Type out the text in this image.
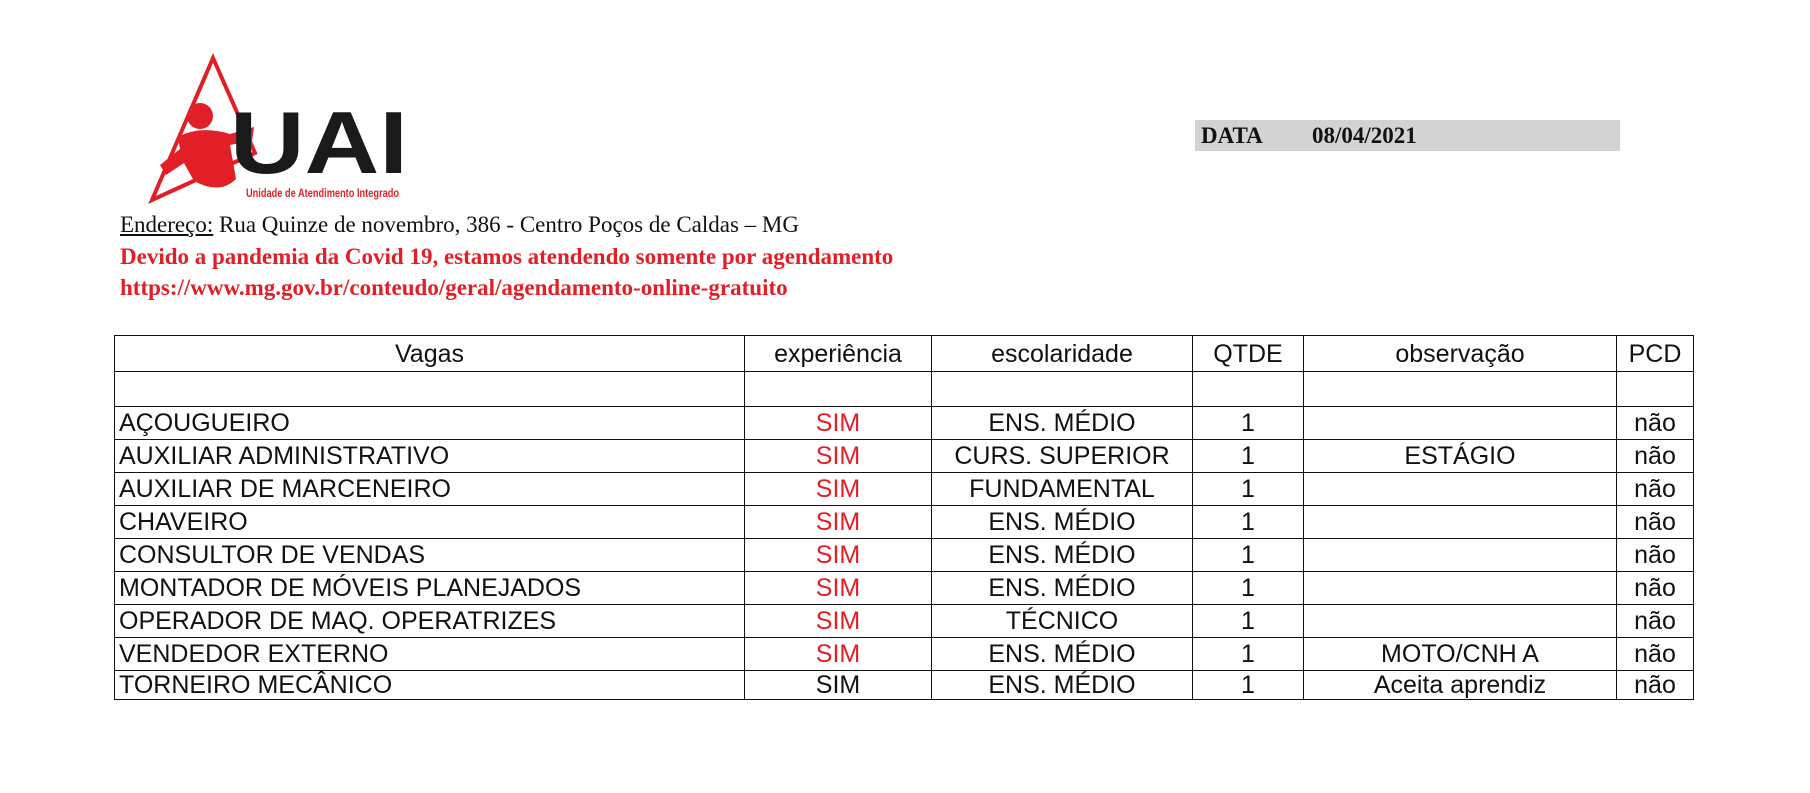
UAI
Unidade de Atendimento Integrado
DATA 08/04/2021
Endereço: Rua Quinze de novembro, 386 - Centro Poços de Caldas – MG
Devido a pandemia da Covid 19, estamos atendendo somente por agendamento
https://www.mg.gov.br/conteudo/geral/agendamento-online-gratuito
Vagas	experiência	escolaridade	QTDE	observação	PCD

AÇOUGUEIRO	SIM	ENS. MÉDIO	1		não
AUXILIAR ADMINISTRATIVO	SIM	CURS. SUPERIOR	1	ESTÁGIO	não
AUXILIAR DE MARCENEIRO	SIM	FUNDAMENTAL	1		não
CHAVEIRO	SIM	ENS. MÉDIO	1		não
CONSULTOR DE VENDAS	SIM	ENS. MÉDIO	1		não
MONTADOR DE MÓVEIS PLANEJADOS	SIM	ENS. MÉDIO	1		não
OPERADOR DE MAQ. OPERATRIZES	SIM	TÉCNICO	1		não
VENDEDOR EXTERNO	SIM	ENS. MÉDIO	1	MOTO/CNH A	não
TORNEIRO MECÂNICO	SIM	ENS. MÉDIO	1	Aceita aprendiz	não
